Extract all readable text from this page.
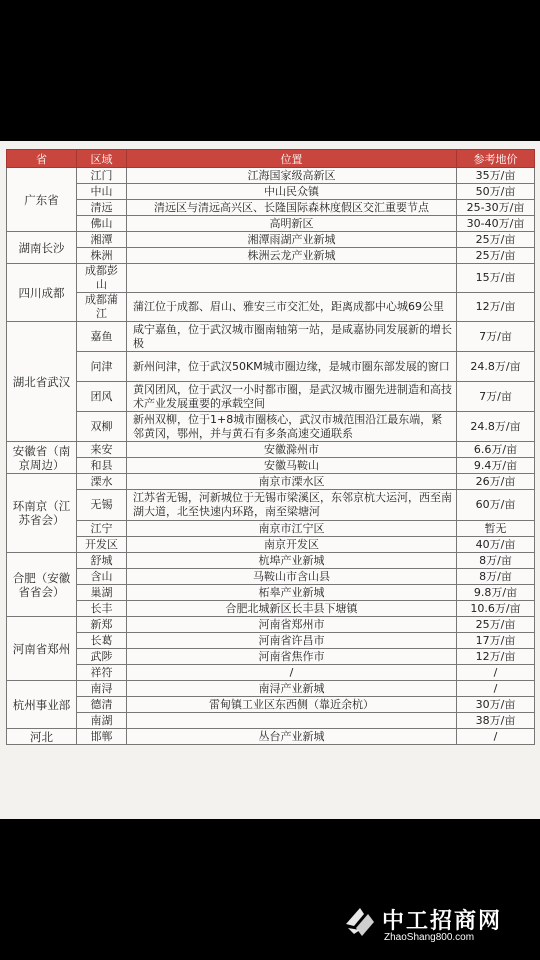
省	区域	位置	参考地价
广东省	江门	江海国家级高新区	35万/亩
	中山	中山民众镇	50万/亩
	清远	清远区与清远高兴区、长隆国际森林度假区交汇重要节点	25-30万/亩
	佛山	高明新区	30-40万/亩
湖南长沙	湘潭	湘潭雨湖产业新城	25万/亩
	株洲	株洲云龙产业新城	25万/亩
四川成都	成都彭山		15万/亩
	成都蒲江	蒲江位于成都、眉山、雅安三市交汇处，距离成都中心城69公里	12万/亩
湖北省武汉	嘉鱼	咸宁嘉鱼，位于武汉城市圈南轴第一站，是咸嘉协同发展新的增长极	7万/亩
	问津	新州问津，位于武汉50KM城市圈边缘，是城市圈东部发展的窗口	24.8万/亩
	团风	黄冈团风，位于武汉一小时都市圈，是武汉城市圈先进制造和高技术产业发展重要的承载空间	7万/亩
	双柳	新州双柳，位于1+8城市圈核心，武汉市城范围沿江最东端，紧邻黄冈，鄂州，并与黄石有多条高速交通联系	24.8万/亩
安徽省（南京周边）	来安	安徽滁州市	6.6万/亩
	和县	安徽马鞍山	9.4万/亩
环南京（江苏省会）	溧水	南京市溧水区	26万/亩
	无锡	江苏省无锡，河新城位于无锡市梁溪区，东邻京杭大运河，西至南湖大道，北至快速内环路，南至梁塘河	60万/亩
	江宁	南京市江宁区	暂无
	开发区	南京开发区	40万/亩
合肥（安徽省省会）	舒城	杭埠产业新城	8万/亩
	含山	马鞍山市含山县	8万/亩
	巢湖	柘皋产业新城	9.8万/亩
	长丰	合肥北城新区长丰县下塘镇	10.6万/亩
河南省郑州	新郑	河南省郑州市	25万/亩
	长葛	河南省许昌市	17万/亩
	武陟	河南省焦作市	12万/亩
	祥符	/	/
杭州事业部	南浔	南浔产业新城	/
	德清	雷甸镇工业区东西侧（靠近余杭）	30万/亩
	南湖		38万/亩
河北	邯郸	丛台产业新城	/
中工招商网
ZhaoShang800.com
